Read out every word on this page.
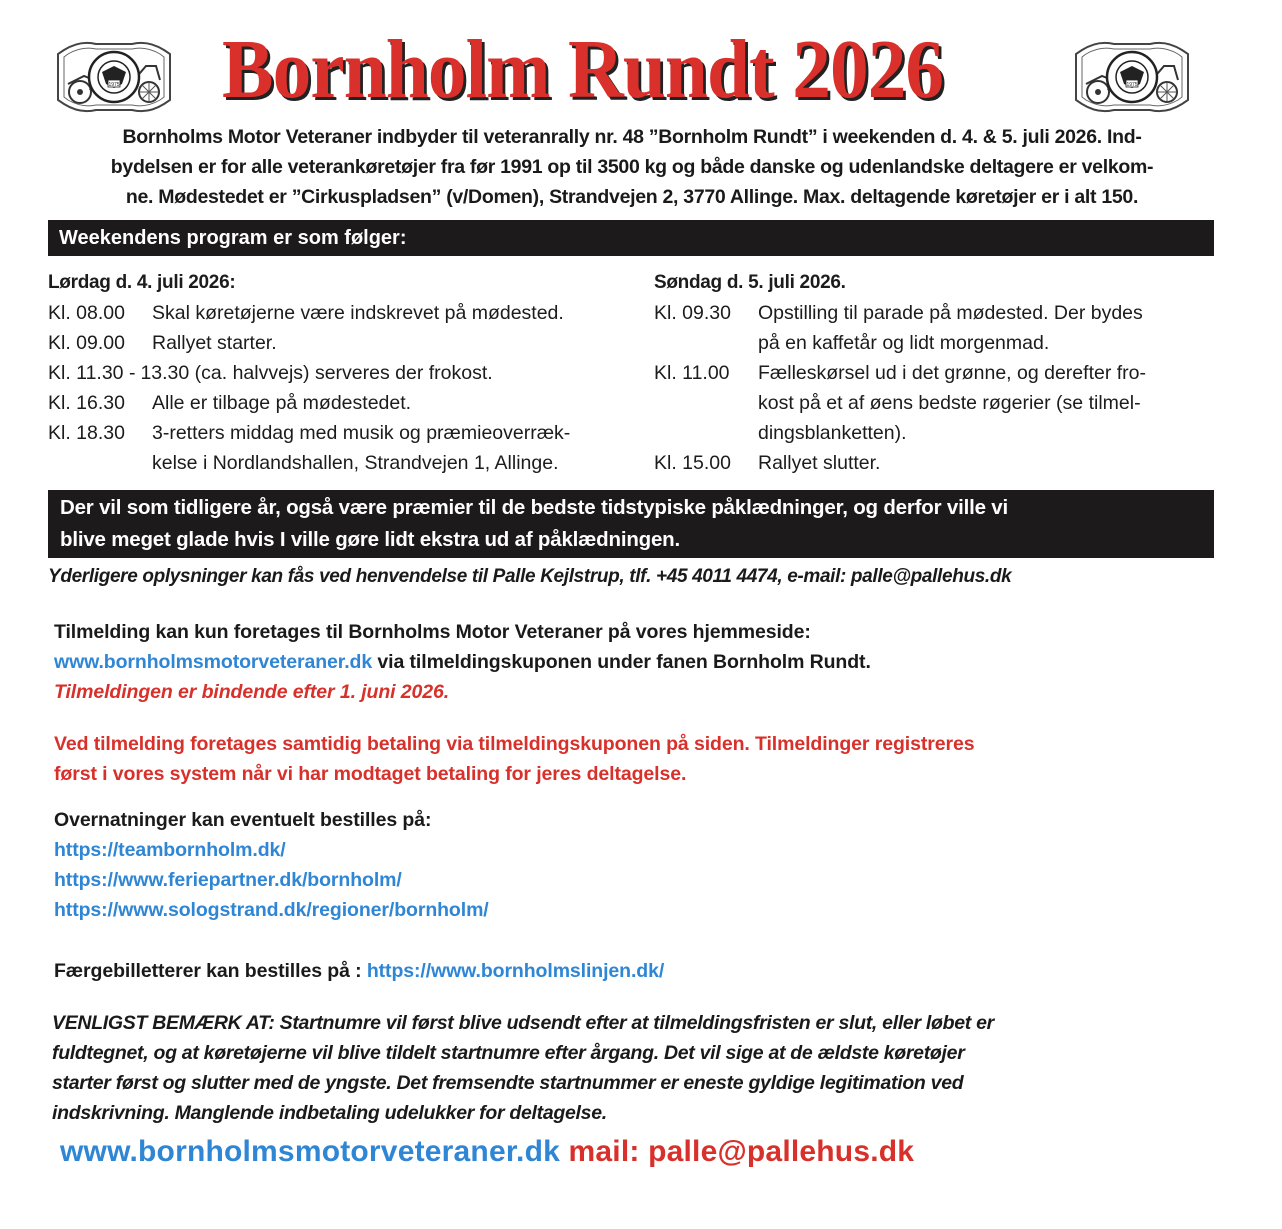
1975	1975
Bornholm Rundt 2026
Bornholms Motor Veteraner indbyder til veteranrally nr. 48 ”Bornholm Rundt” i weekenden d. 4. & 5. juli 2026. Ind-
bydelsen er for alle veterankøretøjer fra før 1991 op til 3500 kg og både danske og udenlandske deltagere er velkom-
ne. Mødestedet er ”Cirkuspladsen” (v/Domen), Strandvejen 2, 3770 Allinge. Max. deltagende køretøjer er i alt 150.
Weekendens program er som følger:
Lørdag d. 4. juli 2026:
Kl. 08.00	Skal køretøjerne være indskrevet på mødested.
Kl. 09.00	Rallyet starter.
Kl. 11.30 - 13.30 (ca. halvvejs) serveres der frokost.
Kl. 16.30	Alle er tilbage på mødestedet.
Kl. 18.30	3-retters middag med musik og præmieoverræk-
kelse i Nordlandshallen, Strandvejen 1, Allinge.
Søndag d. 5. juli 2026.
Kl. 09.30	Opstilling til parade på mødested. Der bydes
på en kaffetår og lidt morgenmad.
Kl. 11.00	Fælleskørsel ud i det grønne, og derefter fro-
kost på et af øens bedste røgerier (se tilmel-
dingsblanketten).
Kl. 15.00	Rallyet slutter.
Der vil som tidligere år, også være præmier til de bedste tidstypiske påklædninger, og derfor ville vi
blive meget glade hvis I ville gøre lidt ekstra ud af påklædningen.
Yderligere oplysninger kan fås ved henvendelse til Palle Kejlstrup, tlf. +45 4011 4474, e-mail: palle@pallehus.dk
Tilmelding kan kun foretages til Bornholms Motor Veteraner på vores hjemmeside:
www.bornholmsmotorveteraner.dk via tilmeldingskuponen under fanen Bornholm Rundt.
Tilmeldingen er bindende efter 1. juni 2026.
Ved tilmelding foretages samtidig betaling via tilmeldingskuponen på siden. Tilmeldinger registreres
først i vores system når vi har modtaget betaling for jeres deltagelse.
Overnatninger kan eventuelt bestilles på:
https://teambornholm.dk/
https://www.feriepartner.dk/bornholm/
https://www.sologstrand.dk/regioner/bornholm/
Færgebilletterer kan bestilles på : https://www.bornholmslinjen.dk/
VENLIGST BEMÆRK AT: Startnumre vil først blive udsendt efter at tilmeldingsfristen er slut, eller løbet er
fuldtegnet, og at køretøjerne vil blive tildelt startnumre efter årgang. Det vil sige at de ældste køretøjer
starter først og slutter med de yngste. Det fremsendte startnummer er eneste gyldige legitimation ved
indskrivning. Manglende indbetaling udelukker for deltagelse.
www.bornholmsmotorveteraner.dk mail: palle@pallehus.dk
